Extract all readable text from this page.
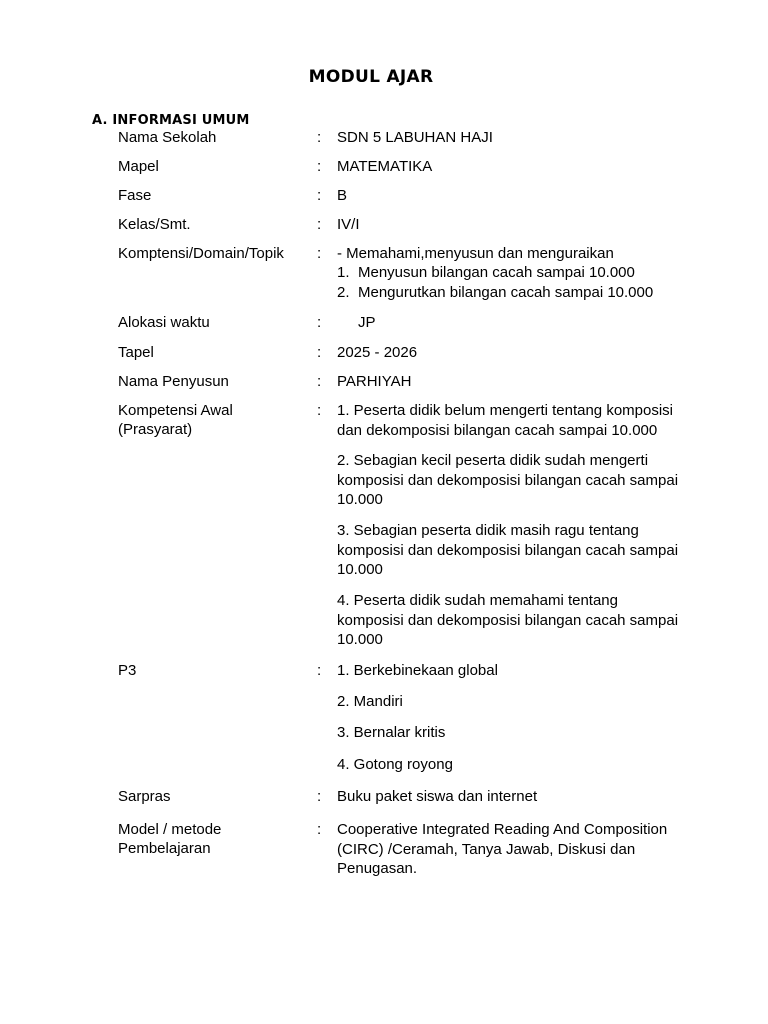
MODUL AJAR
A. INFORMASI UMUM
Nama Sekolah	: SDN 5 LABUHAN HAJI
Mapel	: MATEMATIKA
Fase	: B
Kelas/Smt.	: IV/I
Komptensi/Domain/Topik : - Memahami,menyusun dan menguraikan
1. Menyusun bilangan cacah sampai 10.000
2. Mengurutkan bilangan cacah sampai 10.000
Alokasi waktu	: JP
Tapel	: 2025 - 2026
Nama Penyusun	: PARHIYAH
Kompetensi Awal
(Prasyarat)
: 1. Peserta didik belum mengerti tentang komposisi dan dekomposisi bilangan cacah sampai 10.000

2. Sebagian kecil peserta didik sudah mengerti komposisi dan dekomposisi bilangan cacah sampai 10.000

3. Sebagian peserta didik masih ragu tentang komposisi dan dekomposisi bilangan cacah sampai 10.000

4. Peserta didik sudah memahami tentang komposisi dan dekomposisi bilangan cacah sampai 10.000

P3	: 1. Berkebinekaan global
2. Mandiri
3. Bernalar kritis
4. Gotong royong
Sarpras	: Buku paket siswa dan internet
Model / metode
Pembelajaran
: Cooperative Integrated Reading And Composition (CIRC) /Ceramah, Tanya Jawab, Diskusi dan Penugasan.
